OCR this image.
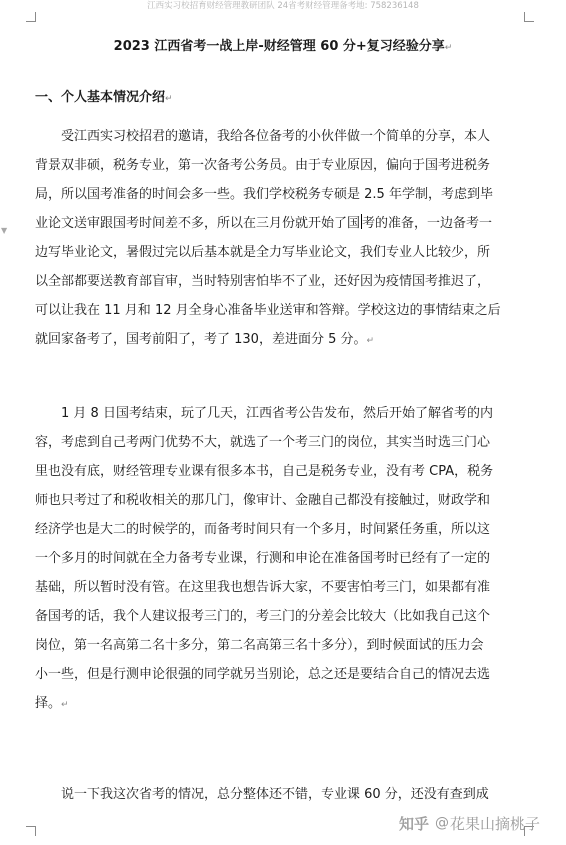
江西实习校招育财经管理教研团队 24省考财经管理备考地: 758236148
▼
2023 江西省考一战上岸-财经管理 60 分+复习经验分享↵
一、个人基本情况介绍↵
　　受江西实习校招君的邀请，我给各位备考的小伙伴做一个简单的分享，本人
背景双非硕，税务专业，第一次备考公务员。由于专业原因，偏向于国考进税务
局，所以国考准备的时间会多一些。我们学校税务专硕是 2.5 年学制，考虑到毕
业论文送审跟国考时间差不多，所以在三月份就开始了国 考的准备，一边备考一
边写毕业论文，暑假过完以后基本就是全力写毕业论文，我们专业人比较少，所
以全部都要送教育部盲审，当时特别害怕毕不了业，还好因为疫情国考推迟了，
可以让我在 11 月和 12 月全身心准备毕业送审和答辩。学校这边的事情结束之后
就回家备考了，国考前阳了，考了 130，差进面分 5 分。↵
　　1 月 8 日国考结束，玩了几天，江西省考公告发布，然后开始了解省考的内
容，考虑到自己考两门优势不大，就选了一个考三门的岗位，其实当时选三门心
里也没有底，财经管理专业课有很多本书，自己是税务专业，没有考 CPA，税务
师也只考过了和税收相关的那几门，像审计、金融自己都没有接触过，财政学和
经济学也是大二的时候学的，而备考时间只有一个多月，时间紧任务重，所以这
一个多月的时间就在全力备考专业课，行测和申论在准备国考时已经有了一定的
基础，所以暂时没有管。在这里我也想告诉大家，不要害怕考三门，如果都有准
备国考的话，我个人建议报考三门的，考三门的分差会比较大（比如我自己这个
岗位，第一名高第二名十多分，第二名高第三名十多分），到时候面试的压力会
小一些，但是行测申论很强的同学就另当别论，总之还是要结合自己的情况去选
择。↵
　　说一下我这次省考的情况，总分整体还不错，专业课 60 分，还没有查到成
知乎 @ 花果山摘桃子
